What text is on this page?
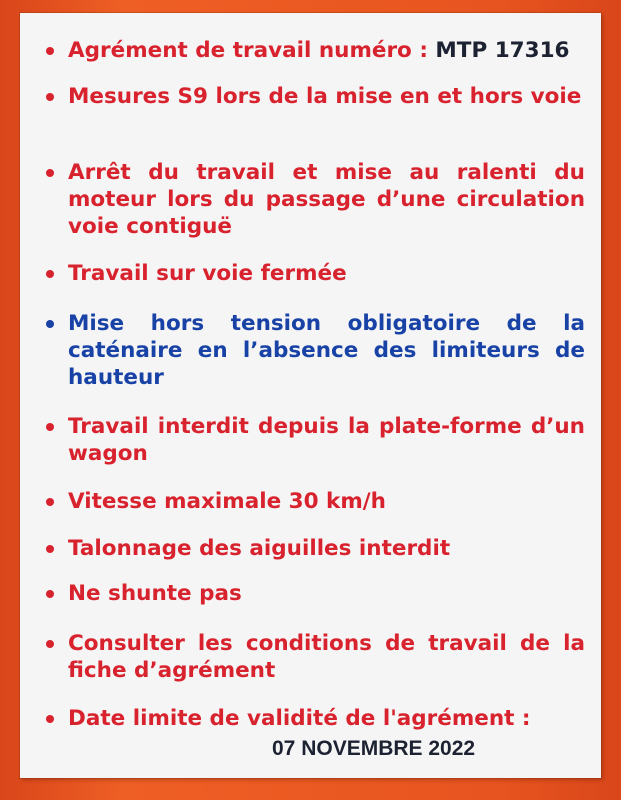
Agrément de travail numéro : MTP 17316
Mesures S9 lors de la mise en et hors voie
Arrêt du travail et mise au ralenti du moteur lors du passage d’une circulation voie contiguë
Travail sur voie fermée
Mise hors tension obligatoire de la caténaire en l’absence des limiteurs de hauteur
Travail interdit depuis la plate-forme d’un wagon
Vitesse maximale 30 km/h
Talonnage des aiguilles interdit
Ne shunte pas
Consulter les conditions de travail de la fiche d’agrément
Date limite de validité de l'agrément :
07 NOVEMBRE 2022
